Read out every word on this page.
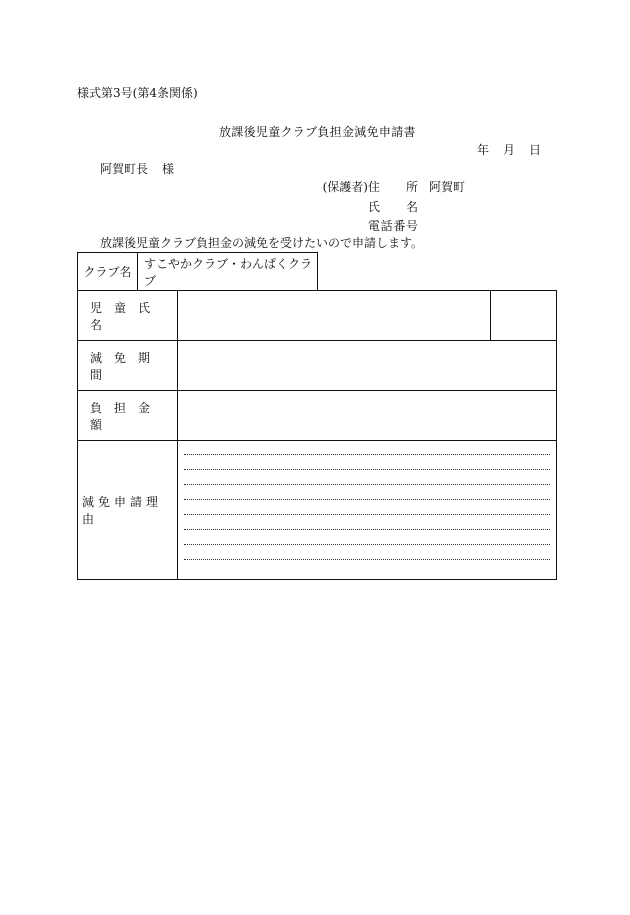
様式第3号(第4条関係)
放課後児童クラブ負担金減免申請書
年 月 日
阿賀町長 様
(保護者)住所 阿賀町
氏名
電話番号
放課後児童クラブ負担金の減免を受けたいので申請します。
クラブ名
すこやかクラブ・わんぱくクラブ
児童氏名
減免期間
負担金額
減免申請理由
